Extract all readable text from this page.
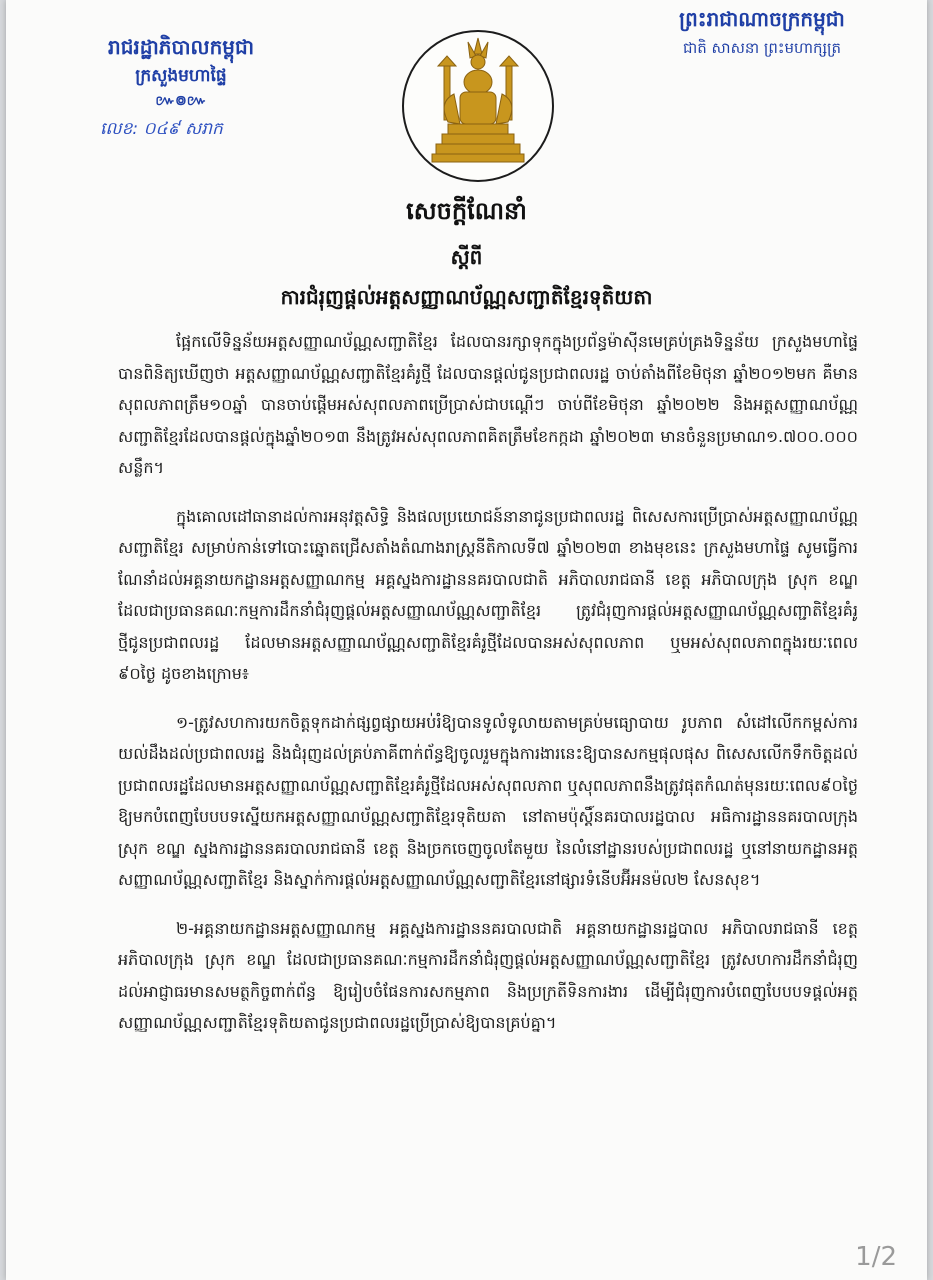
រាជរដ្ឋាភិបាលកម្ពុជា
ក្រសួងមហាផ្ទៃ
៚៙៚
លេខ: ០៤៩ សរាក
ព្រះរាជាណាចក្រកម្ពុជា
ជាតិ សាសនា ព្រះមហាក្សត្រ
សេចក្ដីណែនាំ
ស្ដីពី
ការជំរុញផ្ដល់អត្តសញ្ញាណប័ណ្ណសញ្ជាតិខ្មែរទុតិយតា

ផ្អែកលើទិន្នន័យអត្តសញ្ញាណប័ណ្ណសញ្ជាតិខ្មែរ ដែលបានរក្សាទុកក្នុងប្រព័ន្ធម៉ាស៊ីនមេគ្រប់គ្រងទិន្នន័យ ក្រសួងមហាផ្ទៃ បានពិនិត្យឃើញថា អត្តសញ្ញាណប័ណ្ណសញ្ជាតិខ្មែរគំរូថ្មី ដែលបានផ្ដល់ជូនប្រជាពលរដ្ឋ ចាប់តាំងពីខែមិថុនា ឆ្នាំ២០១២មក គឺមានសុពលភាពត្រឹម១០ឆ្នាំ បានចាប់ផ្ដើមអស់សុពលភាពប្រើប្រាស់ជាបណ្ដើៗ ចាប់ពីខែមិថុនា ឆ្នាំ២០២២ និងអត្តសញ្ញាណប័ណ្ណសញ្ជាតិខ្មែរដែលបានផ្ដល់ក្នុងឆ្នាំ២០១៣ នឹងត្រូវអស់សុពលភាពគិតត្រឹមខែកក្កដា ឆ្នាំ២០២៣ មានចំនួនប្រមាណ១.៧០០.០០០ សន្លឹក។

ក្នុងគោលដៅធានាដល់ការអនុវត្តសិទ្ធិ និងផលប្រយោជន៍នានាជូនប្រជាពលរដ្ឋ ពិសេសការប្រើប្រាស់អត្តសញ្ញាណប័ណ្ណសញ្ជាតិខ្មែរ សម្រាប់កាន់ទៅបោះឆ្នោតជ្រើសតាំងតំណាងរាស្ត្រនីតិកាលទី៧ ឆ្នាំ២០២៣ ខាងមុខនេះ ក្រសួងមហាផ្ទៃ សូមធ្វើការណែនាំដល់អគ្គនាយកដ្ឋានអត្តសញ្ញាណកម្ម អគ្គស្នងការដ្ឋាននគរបាលជាតិ អភិបាលរាជធានី ខេត្ត អភិបាលក្រុង ស្រុក ខណ្ឌ ដែលជាប្រធានគណៈកម្មការដឹកនាំជំរុញផ្ដល់អត្តសញ្ញាណប័ណ្ណសញ្ជាតិខ្មែរ ត្រូវជំរុញការផ្ដល់អត្តសញ្ញាណប័ណ្ណសញ្ជាតិខ្មែរគំរូថ្មីជូនប្រជាពលរដ្ឋ ដែលមានអត្តសញ្ញាណប័ណ្ណសញ្ជាតិខ្មែរគំរូថ្មីដែលបានអស់សុពលភាព ឬមអស់សុពលភាពក្នុងរយៈពេល ៩០ថ្ងៃ ដូចខាងក្រោម៖

១-ត្រូវសហការយកចិត្តទុកដាក់ផ្សព្វផ្សាយអប់រំឱ្យបានទូលំទូលាយតាមគ្រប់មធ្យោបាយ រូបភាព សំដៅលើកកម្ពស់ការយល់ដឹងដល់ប្រជាពលរដ្ឋ និងជំរុញដល់គ្រប់ភាគីពាក់ព័ន្ធឱ្យចូលរួមក្នុងការងារនេះឱ្យបានសកម្មផុលផុស ពិសេសលើកទឹកចិត្តដល់ប្រជាពលរដ្ឋដែលមានអត្តសញ្ញាណប័ណ្ណសញ្ជាតិខ្មែរគំរូថ្មីដែលអស់សុពលភាព ឬសុពលភាពនឹងត្រូវផុតកំណត់មុនរយៈពេល៩០ថ្ងៃ ឱ្យមកបំពេញបែបបទស្នើយកអត្តសញ្ញាណប័ណ្ណសញ្ជាតិខ្មែរទុតិយតា នៅតាមប៉ុស្តិ៍នគរបាលរដ្ឋបាល អធិការដ្ឋាននគរបាលក្រុង ស្រុក ខណ្ឌ ស្នងការដ្ឋាននគរបាលរាជធានី ខេត្ត និងច្រកចេញចូលតែមួយ នៃលំនៅដ្ឋានរបស់ប្រជាពលរដ្ឋ ឬនៅនាយកដ្ឋានអត្តសញ្ញាណប័ណ្ណសញ្ជាតិខ្មែរ និងស្នាក់ការផ្ដល់អត្តសញ្ញាណប័ណ្ណសញ្ជាតិខ្មែរនៅផ្សារទំនើបអ៊ីអនម៉ល២ សែនសុខ។

២-អគ្គនាយកដ្ឋានអត្តសញ្ញាណកម្ម អគ្គស្នងការដ្ឋាននគរបាលជាតិ អគ្គនាយកដ្ឋានរដ្ឋបាល អភិបាលរាជធានី ខេត្ត អភិបាលក្រុង ស្រុក ខណ្ឌ ដែលជាប្រធានគណៈកម្មការដឹកនាំជំរុញផ្ដល់អត្តសញ្ញាណប័ណ្ណសញ្ជាតិខ្មែរ ត្រូវសហការដឹកនាំជំរុញដល់អាជ្ញាធរមានសមត្ថកិច្ចពាក់ព័ន្ធ ឱ្យរៀបចំផែនការសកម្មភាព និងប្រក្រតីទិនការងារ ដើម្បីជំរុញការបំពេញបែបបទផ្ដល់អត្តសញ្ញាណប័ណ្ណសញ្ជាតិខ្មែរទុតិយតាជូនប្រជាពលរដ្ឋប្រើប្រាស់ឱ្យបានគ្រប់គ្នា។

1/2
